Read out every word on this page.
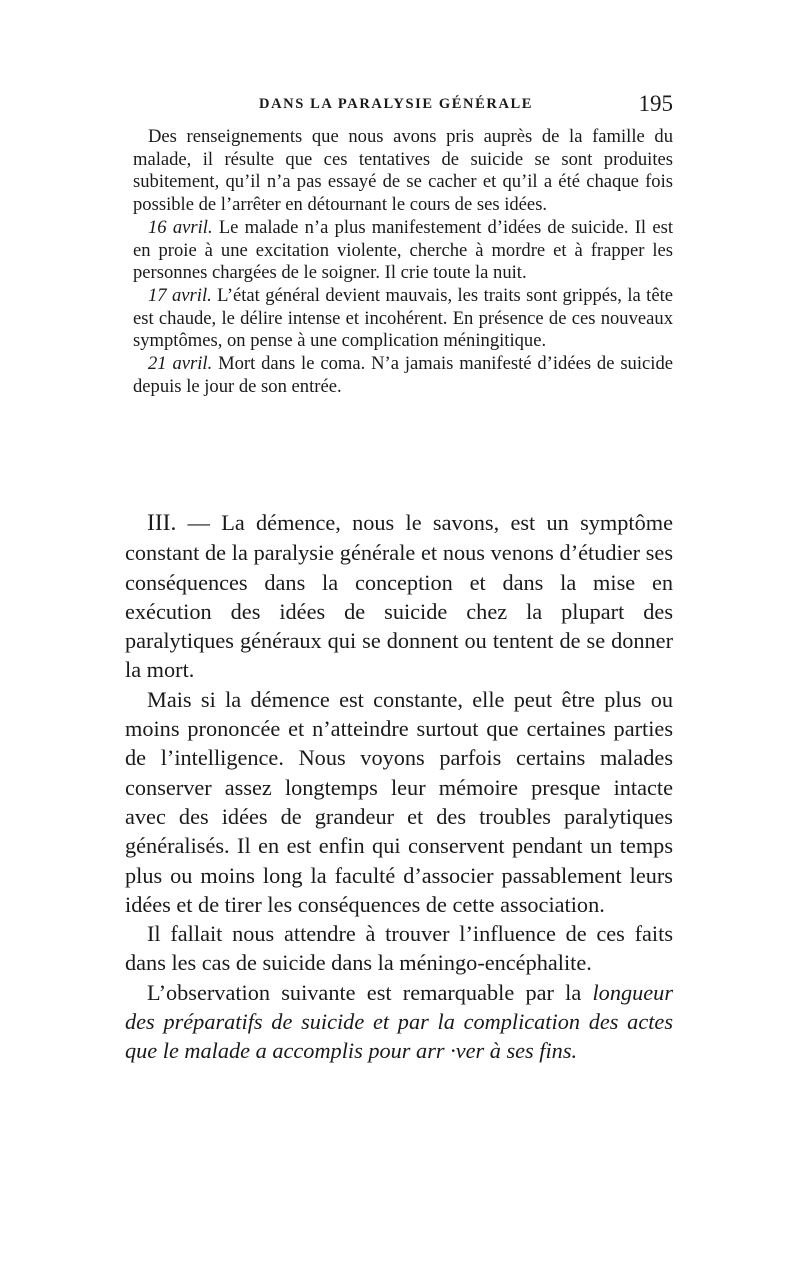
DANS LA PARALYSIE GÉNÉRALE	195

Des renseignements que nous avons pris auprès de la famille du malade, il résulte que ces tentatives de suicide se sont produites subitement, qu’il n’a pas essayé de se cacher et qu’il a été chaque fois possible de l’arrêter en détournant le cours de ses idées.

16 avril. Le malade n’a plus manifestement d’idées de suicide. Il est en proie à une excitation violente, cherche à mordre et à frapper les personnes chargées de le soigner. Il crie toute la nuit.

17 avril. L’état général devient mauvais, les traits sont grippés, la tête est chaude, le délire intense et incohérent. En présence de ces nouveaux symptômes, on pense à une complication méningitique.

21 avril. Mort dans le coma. N’a jamais manifesté d’idées de suicide depuis le jour de son entrée.

III. — La démence, nous le savons, est un symptôme constant de la paralysie générale et nous venons d’étudier ses conséquences dans la conception et dans la mise en exécution des idées de suicide chez la plupart des paralytiques généraux qui se donnent ou tentent de se donner la mort.

Mais si la démence est constante, elle peut être plus ou moins prononcée et n’atteindre surtout que certaines parties de l’intelligence. Nous voyons parfois certains malades conserver assez longtemps leur mémoire presque intacte avec des idées de grandeur et des troubles paralytiques généralisés. Il en est enfin qui conservent pendant un temps plus ou moins long la faculté d’associer passablement leurs idées et de tirer les conséquences de cette association.

Il fallait nous attendre à trouver l’influence de ces faits dans les cas de suicide dans la méningo-encéphalite.

L’observation suivante est remarquable par la longueur des préparatifs de suicide et par la complication des actes que le malade a accomplis pour arr ·ver à ses fins.
